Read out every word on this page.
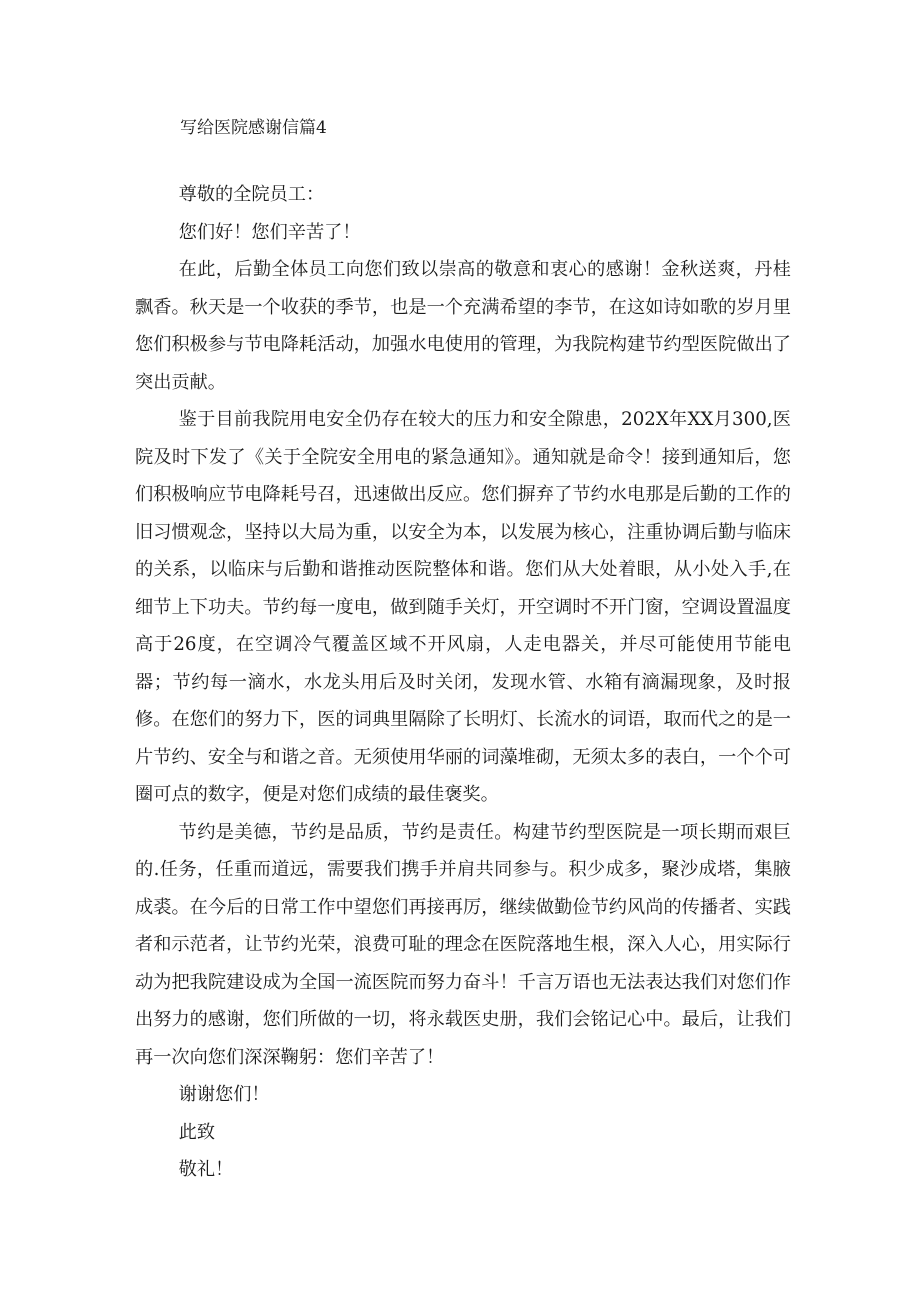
写给医院感谢信篇4

尊敬的全院员工：

您们好！您们辛苦了！

在此，后勤全体员工向您们致以崇高的敬意和衷心的感谢！金秋送爽，丹桂飘香。秋天是一个收获的季节，也是一个充满希望的李节，在这如诗如歌的岁月里您们积极参与节电降耗活动，加强水电使用的管理，为我院构建节约型医院做出了突出贡献。

鉴于目前我院用电安全仍存在较大的压力和安全隙患，202X年XX月300,医院及时下发了《关于全院安全用电的紧急通知》。通知就是命令！接到通知后，您们积极响应节电降耗号召，迅速做出反应。您们摒弃了节约水电那是后勤的工作的旧习惯观念，坚持以大局为重，以安全为本，以发展为核心，注重协调后勤与临床的关系，以临床与后勤和谐推动医院整体和谐。您们从大处着眼，从小处入手,在细节上下功夫。节约每一度电，做到随手关灯，开空调时不开门窗，空调设置温度高于26度，在空调冷气覆盖区域不开风扇，人走电器关，并尽可能使用节能电器；节约每一滴水，水龙头用后及时关闭，发现水管、水箱有滴漏现象，及时报修。在您们的努力下，医的词典里隔除了长明灯、长流水的词语，取而代之的是一片节约、安全与和谐之音。无须使用华丽的词藻堆砌，无须太多的表白，一个个可圈可点的数字，便是对您们成绩的最佳褒奖。

节约是美德，节约是品质，节约是责任。构建节约型医院是一项长期而艰巨的.任务，任重而道远，需要我们携手并肩共同参与。积少成多，聚沙成塔，集腋成裘。在今后的日常工作中望您们再接再厉，继续做勤俭节约风尚的传播者、实践者和示范者，让节约光荣，浪费可耻的理念在医院落地生根，深入人心，用实际行动为把我院建设成为全国一流医院而努力奋斗！千言万语也无法表达我们对您们作出努力的感谢，您们所做的一切，将永载医史册，我们会铭记心中。最后，让我们再一次向您们深深鞠躬：您们辛苦了！

谢谢您们！

此致

敬礼！
